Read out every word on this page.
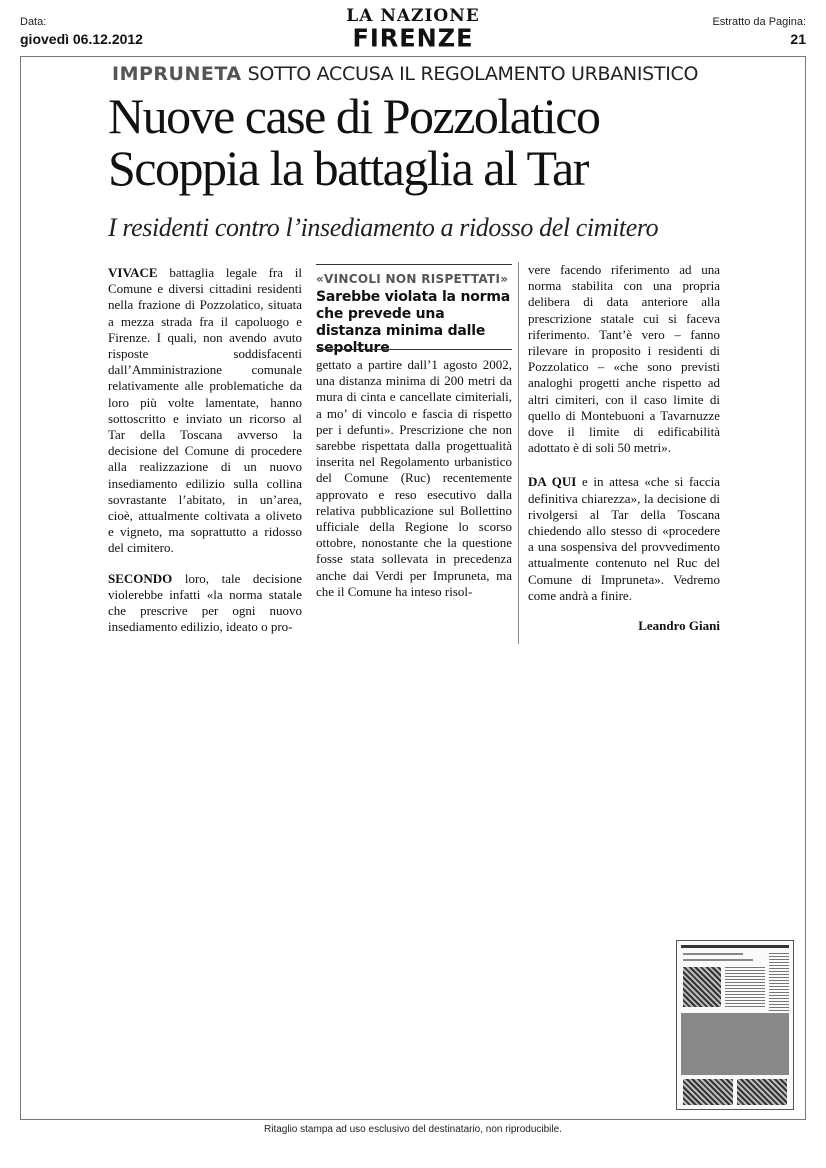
Data:
giovedì 06.12.2012
LA NAZIONE
FIRENZE
Estratto da Pagina:
21
IMPRUNETA SOTTO ACCUSA IL REGOLAMENTO URBANISTICO
Nuove case di Pozzolatico
Scoppia la battaglia al Tar
I residenti contro l’insediamento a ridosso del cimitero

VIVACE battaglia legale fra il Comune e diversi cittadini residenti nella frazione di Pozzolatico, situata a mezza strada fra il capoluogo e Firenze. I quali, non avendo avuto risposte soddisfacenti dall’Amministrazione comunale relativamente alle problematiche da loro più volte lamentate, hanno sottoscritto e inviato un ricorso al Tar della Toscana avverso la decisione del Comune di procedere alla realizzazione di un nuovo insediamento edilizio sulla collina sovrastante l’abitato, in un’area, cioè, attualmente coltivata a oliveto e vigneto, ma soprattutto a ridosso del cimitero.

SECONDO loro, tale decisione violerebbe infatti «la norma statale che prescrive per ogni nuovo insediamento edilizio, ideato o pro-

«VINCOLI NON RISPETTATI»
Sarebbe violata la norma che prevede una distanza minima dalle sepolture

gettato a partire dall’1 agosto 2002, una distanza minima di 200 metri da mura di cinta e cancellate cimiteriali, a mo’ di vincolo e fascia di rispetto per i defunti». Prescrizione che non sarebbe rispettata dalla progettualità inserita nel Regolamento urbanistico del Comune (Ruc) recentemente approvato e reso esecutivo dalla relativa pubblicazione sul Bollettino ufficiale della Regione lo scorso ottobre, nonostante che la questione fosse stata sollevata in precedenza anche dai Verdi per Impruneta, ma che il Comune ha inteso risol-

vere facendo riferimento ad una norma stabilita con una propria delibera di data anteriore alla prescrizione statale cui si faceva riferimento. Tant’è vero – fanno rilevare in proposito i residenti di Pozzolatico – «che sono previsti analoghi progetti anche rispetto ad altri cimiteri, con il caso limite di quello di Montebuoni a Tavarnuzze dove il limite di edificabilità adottato è di soli 50 metri».

DA QUI e in attesa «che si faccia definitiva chiarezza», la decisione di rivolgersi al Tar della Toscana chiedendo allo stesso di «procedere a una sospensiva del provvedimento attualmente contenuto nel Ruc del Comune di Impruneta». Vedremo come andrà a finire.

Leandro Giani
Ritaglio stampa ad uso esclusivo del destinatario, non riproducibile.
